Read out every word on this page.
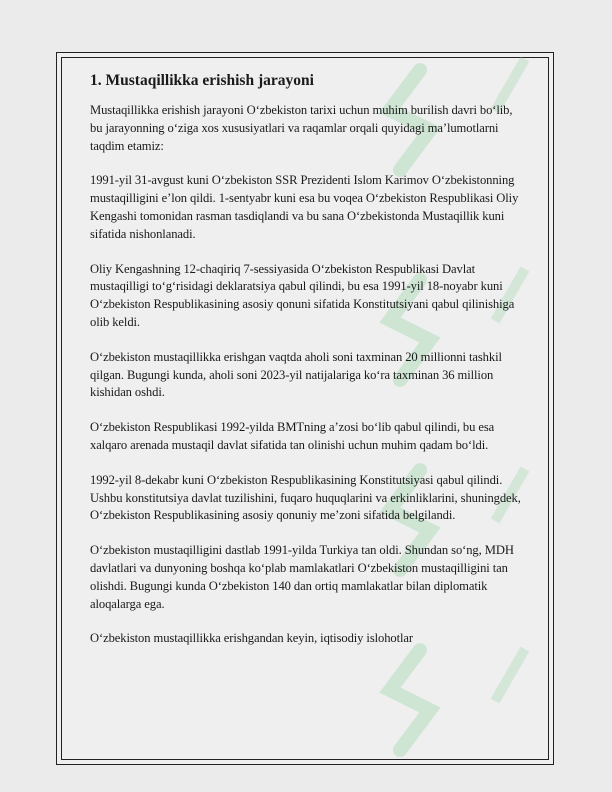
1. Mustaqillikka erishish jarayoni

Mustaqillikka erishish jarayoni O‘zbekiston tarixi uchun muhim burilish davri bo‘lib, bu jarayonning o‘ziga xos xususiyatlari va raqamlar orqali quyidagi ma’lumotlarni taqdim etamiz:

1991-yil 31-avgust kuni O‘zbekiston SSR Prezidenti Islom Karimov O‘zbekistonning mustaqilligini e’lon qildi. 1-sentyabr kuni esa bu voqea O‘zbekiston Respublikasi Oliy Kengashi tomonidan rasman tasdiqlandi va bu sana O‘zbekistonda Mustaqillik kuni sifatida nishonlanadi.

Oliy Kengashning 12-chaqiriq 7-sessiyasida O‘zbekiston Respublikasi Davlat mustaqilligi to‘g‘risidagi deklaratsiya qabul qilindi, bu esa 1991-yil 18-noyabr kuni O‘zbekiston Respublikasining asosiy qonuni sifatida Konstitutsiyani qabul qilinishiga olib keldi.

O‘zbekiston mustaqillikka erishgan vaqtda aholi soni taxminan 20 millionni tashkil qilgan. Bugungi kunda, aholi soni 2023-yil natijalariga ko‘ra taxminan 36 million kishidan oshdi.

O‘zbekiston Respublikasi 1992-yilda BMTning a’zosi bo‘lib qabul qilindi, bu esa xalqaro arenada mustaqil davlat sifatida tan olinishi uchun muhim qadam bo‘ldi.

1992-yil 8-dekabr kuni O‘zbekiston Respublikasining Konstitutsiyasi qabul qilindi. Ushbu konstitutsiya davlat tuzilishini, fuqaro huquqlarini va erkinliklarini, shuningdek, O‘zbekiston Respublikasining asosiy qonuniy me’zoni sifatida belgilandi.

O‘zbekiston mustaqilligini dastlab 1991-yilda Turkiya tan oldi. Shundan so‘ng, MDH davlatlari va dunyoning boshqa ko‘plab mamlakatlari O‘zbekiston mustaqilligini tan olishdi. Bugungi kunda O‘zbekiston 140 dan ortiq mamlakatlar bilan diplomatik aloqalarga ega.

O‘zbekiston mustaqillikka erishgandan keyin, iqtisodiy islohotlar
